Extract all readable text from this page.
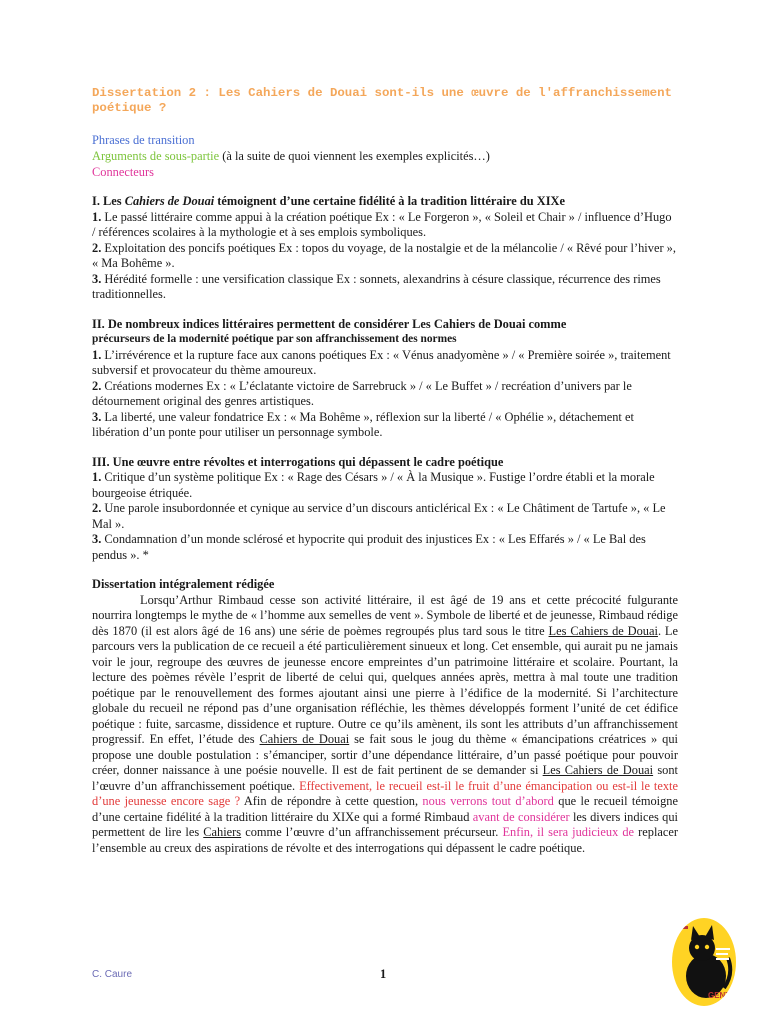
Dissertation 2 : Les Cahiers de Douai sont-ils une œuvre de l'affranchissement poétique ?
Phrases de transition
Arguments de sous-partie (à la suite de quoi viennent les exemples explicités…)
Connecteurs
I. Les Cahiers de Douai témoignent d’une certaine fidélité à la tradition littéraire du XIXe

1. Le passé littéraire comme appui à la création poétique Ex : « Le Forgeron », « Soleil et Chair » / influence d’Hugo / références scolaires à la mythologie et à ses emplois symboliques.

2. Exploitation des poncifs poétiques Ex : topos du voyage, de la nostalgie et de la mélancolie / « Rêvé pour l’hiver », « Ma Bohême ».

3. Hérédité formelle : une versification classique Ex : sonnets, alexandrins à césure classique, récurrence des rimes traditionnelles.

II. De nombreux indices littéraires permettent de considérer Les Cahiers de Douai comme
précurseurs de la modernité poétique par son affranchissement des normes

1. L’irrévérence et la rupture face aux canons poétiques Ex : « Vénus anadyomène » / « Première soirée », traitement subversif et provocateur du thème amoureux.

2. Créations modernes Ex : « L’éclatante victoire de Sarrebruck » / « Le Buffet » / recréation d’univers par le détournement original des genres artistiques.

3. La liberté, une valeur fondatrice Ex : « Ma Bohême », réflexion sur la liberté / « Ophélie », détachement et libération d’un ponte pour utiliser un personnage symbole.

III. Une œuvre entre révoltes et interrogations qui dépassent le cadre poétique

1. Critique d’un système politique Ex : « Rage des Césars » / « À la Musique ». Fustige l’ordre établi et la morale bourgeoise étriquée.

2. Une parole insubordonnée et cynique au service d’un discours anticlérical Ex : « Le Châtiment de Tartufe », « Le Mal ».

3. Condamnation d’un monde sclérosé et hypocrite qui produit des injustices Ex : « Les Effarés » / « Le Bal des pendus ». *

Dissertation intégralement rédigée

Lorsqu’Arthur Rimbaud cesse son activité littéraire, il est âgé de 19 ans et cette précocité fulgurante nourrira longtemps le mythe de « l’homme aux semelles de vent ». Symbole de liberté et de jeunesse, Rimbaud rédige dès 1870 (il est alors âgé de 16 ans) une série de poèmes regroupés plus tard sous le titre Les Cahiers de Douai. Le parcours vers la publication de ce recueil a été particulièrement sinueux et long. Cet ensemble, qui aurait pu ne jamais voir le jour, regroupe des œuvres de jeunesse encore empreintes d’un patrimoine littéraire et scolaire. Pourtant, la lecture des poèmes révèle l’esprit de liberté de celui qui, quelques années après, mettra à mal toute une tradition poétique par le renouvellement des formes ajoutant ainsi une pierre à l’édifice de la modernité. Si l’architecture globale du recueil ne répond pas d’une organisation réfléchie, les thèmes développés forment l’unité de cet édifice poétique : fuite, sarcasme, dissidence et rupture. Outre ce qu’ils amènent, ils sont les attributs d’un affranchissement progressif. En effet, l’étude des Cahiers de Douai se fait sous le joug du thème « émancipations créatrices » qui propose une double postulation : s’émanciper, sortir d’une dépendance littéraire, d’un passé poétique pour pouvoir créer, donner naissance à une poésie nouvelle. Il est de fait pertinent de se demander si Les Cahiers de Douai sont l’œuvre d’un affranchissement poétique. Effectivement, le recueil est-il le fruit d’une émancipation ou est-il le texte d’une jeunesse encore sage ? Afin de répondre à cette question, nous verrons tout d’abord que le recueil témoigne d’une certaine fidélité à la tradition littéraire du XIXe qui a formé Rimbaud avant de considérer les divers indices qui permettent de lire les Cahiers comme l’œuvre d’un affranchissement précurseur. Enfin, il sera judicieux de replacer l’ensemble au creux des aspirations de révolte et des interrogations qui dépassent le cadre poétique.

C. Caure	1
GENT
